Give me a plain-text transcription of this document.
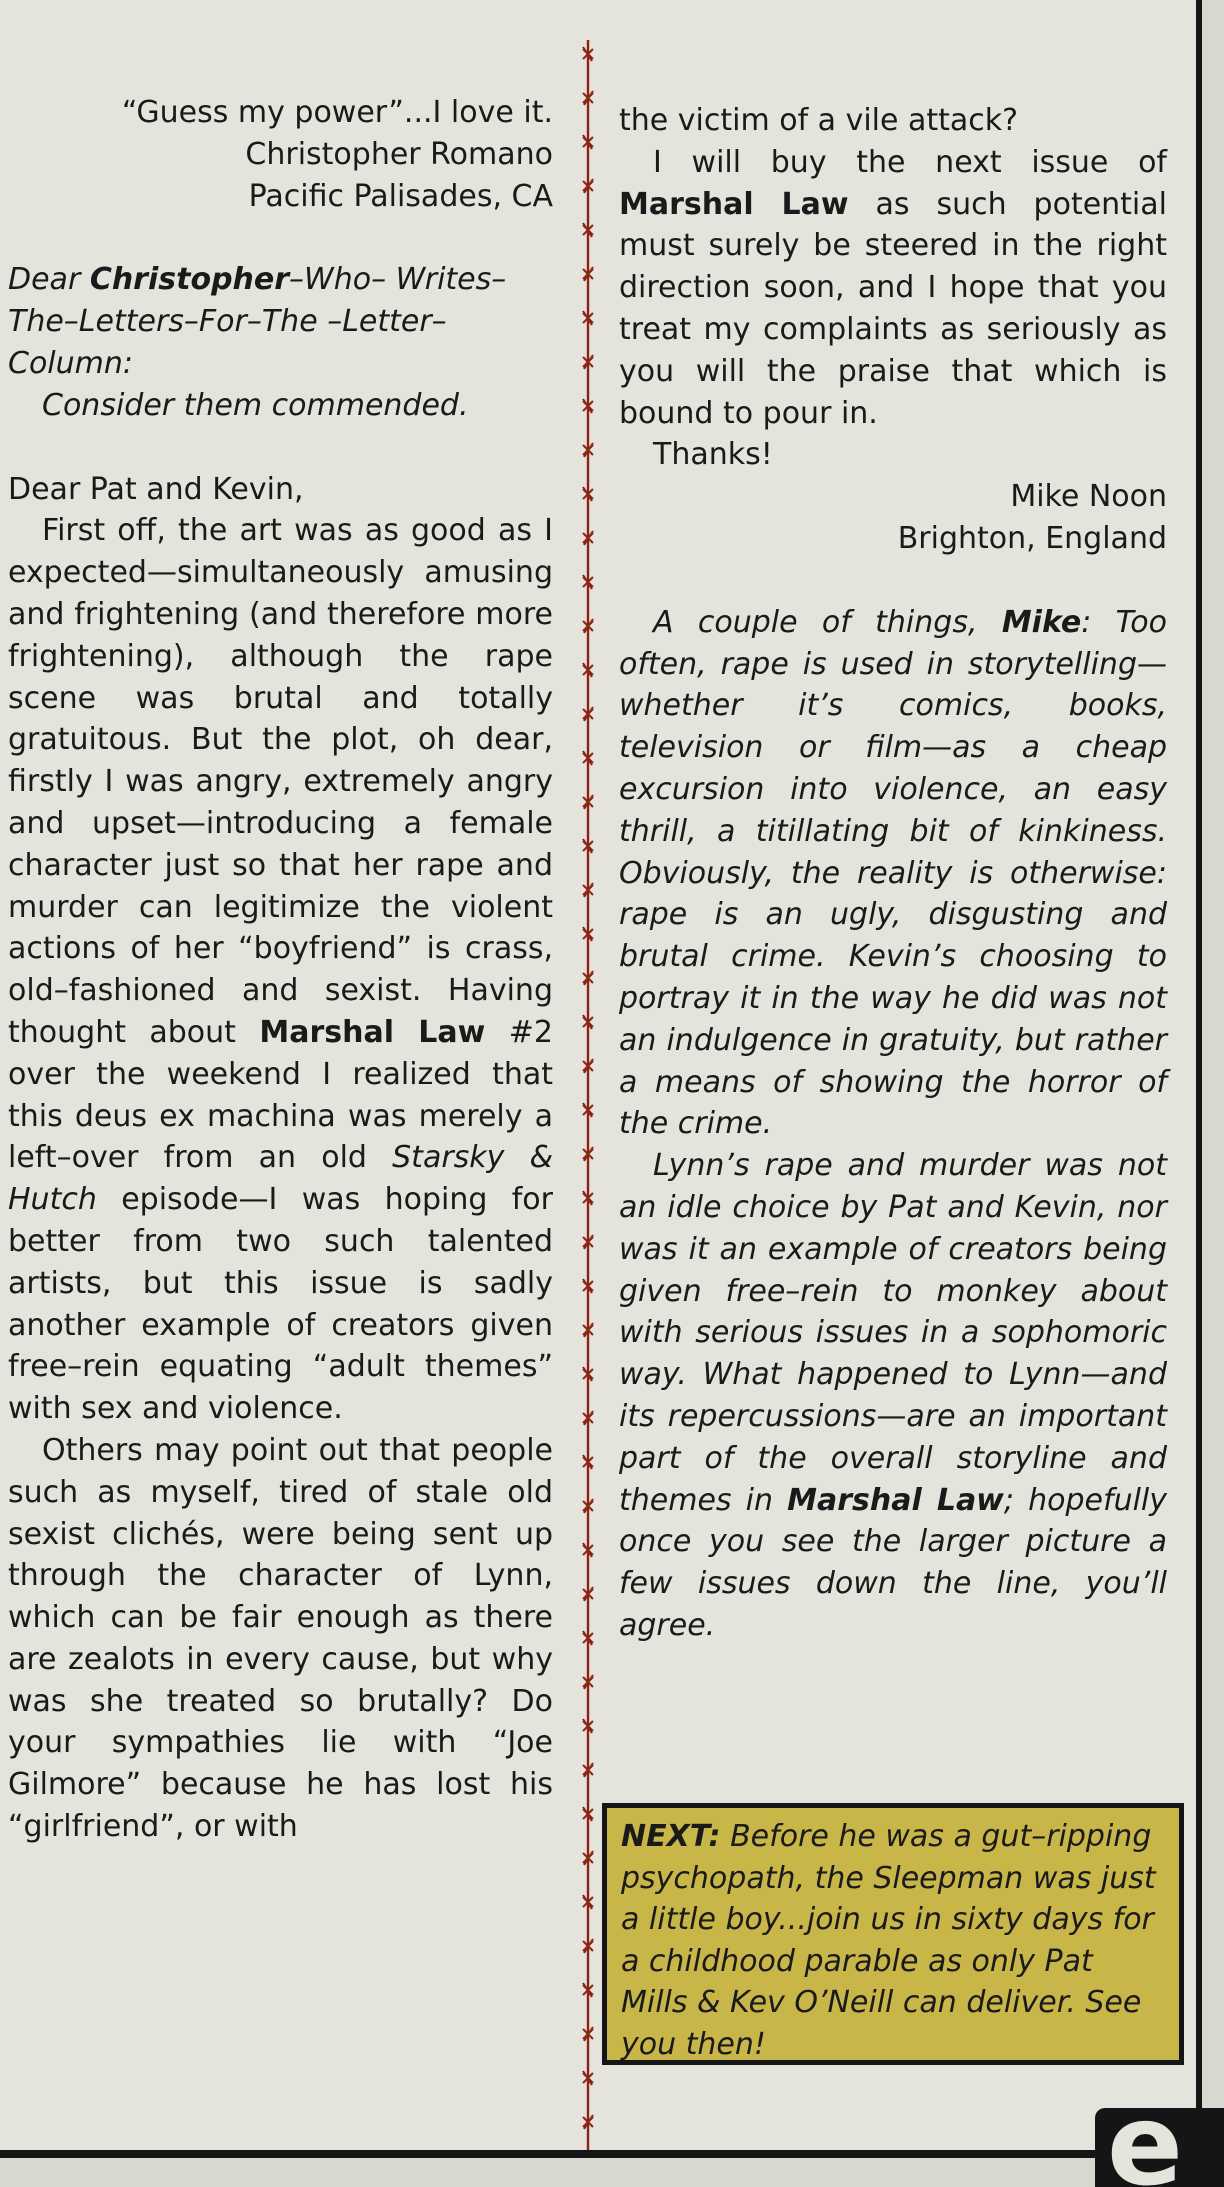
e

“Guess my power”...I love it.

Christopher Romano

Pacific Palisades, CA

Dear Christopher–Who– Writes–The–Letters–For–The –Letter–Column:

Consider them commended.

Dear Pat and Kevin,

First off, the art was as good as I expected—simultaneously amusing and frightening (and therefore more frightening), although the rape scene was brutal and totally gratuitous. But the plot, oh dear, firstly I was angry, extremely angry and upset—introducing a female character just so that her rape and murder can legitimize the violent actions of her “boyfriend” is crass, old–fashioned and sexist. Having thought about Marshal Law #2 over the weekend I realized that this deus ex machina was merely a left–over from an old Starsky & Hutch episode—I was hoping for better from two such talented artists, but this issue is sadly another example of creators given free–rein equating “adult themes” with sex and violence.

Others may point out that people such as myself, tired of stale old sexist clichés, were being sent up through the character of Lynn, which can be fair enough as there are zealots in every cause, but why was she treated so brutally? Do your sympathies lie with “Joe Gilmore” because he has lost his “girlfriend”, or with

the victim of a vile attack?

I will buy the next issue of Marshal Law as such potential must surely be steered in the right direction soon, and I hope that you treat my complaints as seriously as you will the praise that which is bound to pour in.

Thanks!

Mike Noon

Brighton, England

A couple of things, Mike: Too often, rape is used in storytelling—whether it’s comics, books, television or film—as a cheap excursion into violence, an easy thrill, a titillating bit of kinkiness. Obviously, the reality is otherwise: rape is an ugly, disgusting and brutal crime. Kevin’s choosing to portray it in the way he did was not an indulgence in gratuity, but rather a means of showing the horror of the crime.

Lynn’s rape and murder was not an idle choice by Pat and Kevin, nor was it an example of creators being given free–rein to monkey about with serious issues in a sophomoric way. What happened to Lynn—and its repercussions—are an important part of the overall storyline and themes in Marshal Law; hopefully once you see the larger picture a few issues down the line, you’ll agree.

NEXT: Before he was a gut–ripping psychopath, the Sleepman was just a little boy...join us in sixty days for a childhood parable as only Pat Mills & Kev O’Neill can deliver. See you then!
